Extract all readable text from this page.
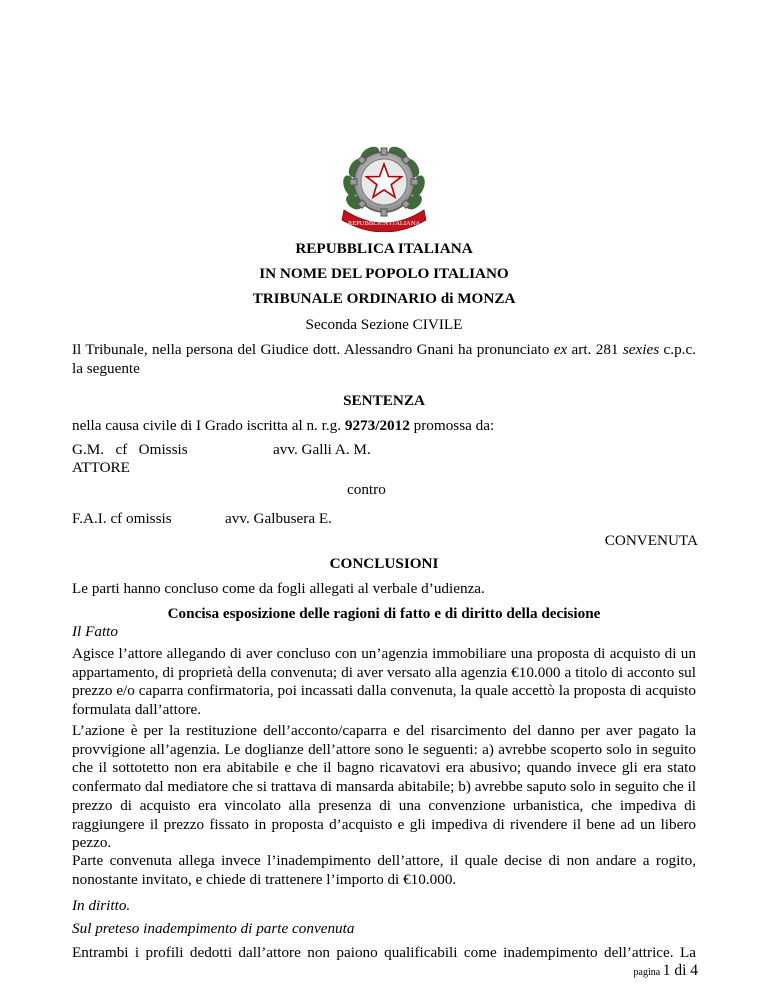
REPUBBLICA ITALIANA
REPUBBLICA ITALIANA
IN NOME DEL POPOLO ITALIANO
TRIBUNALE ORDINARIO di MONZA
Seconda Sezione CIVILE
Il Tribunale, nella persona del Giudice dott. Alessandro Gnani ha pronunciato ex art. 281 sexies c.p.c.
la seguente
SENTENZA
nella causa civile di I Grado iscritta al n. r.g. 9273/2012 promossa da:
G.M. cf Omissis	avv. Galli A. M.
ATTORE
contro
F.A.I. cf omissis	avv. Galbusera E.
CONVENUTA
CONCLUSIONI
Le parti hanno concluso come da fogli allegati al verbale d’udienza.
Concisa esposizione delle ragioni di fatto e di diritto della decisione
Il Fatto
Agisce l’attore allegando di aver concluso con un’agenzia immobiliare una proposta di acquisto di un
appartamento, di proprietà della convenuta; di aver versato alla agenzia €10.000 a titolo di acconto sul
prezzo e/o caparra confirmatoria, poi incassati dalla convenuta, la quale accettò la proposta di acquisto
formulata dall’attore.
L’azione è per la restituzione dell’acconto/caparra e del risarcimento del danno per aver pagato la
provvigione all’agenzia. Le doglianze dell’attore sono le seguenti: a) avrebbe scoperto solo in seguito
che il sottotetto non era abitabile e che il bagno ricavatovi era abusivo; quando invece gli era stato
confermato dal mediatore che si trattava di mansarda abitabile; b) avrebbe saputo solo in seguito che il
prezzo di acquisto era vincolato alla presenza di una convenzione urbanistica, che impediva di
raggiungere il prezzo fissato in proposta d’acquisto e gli impediva di rivendere il bene ad un libero
pezzo.
Parte convenuta allega invece l’inadempimento dell’attore, il quale decise di non andare a rogito,
nonostante invitato, e chiede di trattenere l’importo di €10.000.
In diritto.
Sul preteso inadempimento di parte convenuta
Entrambi i profili dedotti dall’attore non paiono qualificabili come inadempimento dell’attrice. La
pagina 1 di 4
